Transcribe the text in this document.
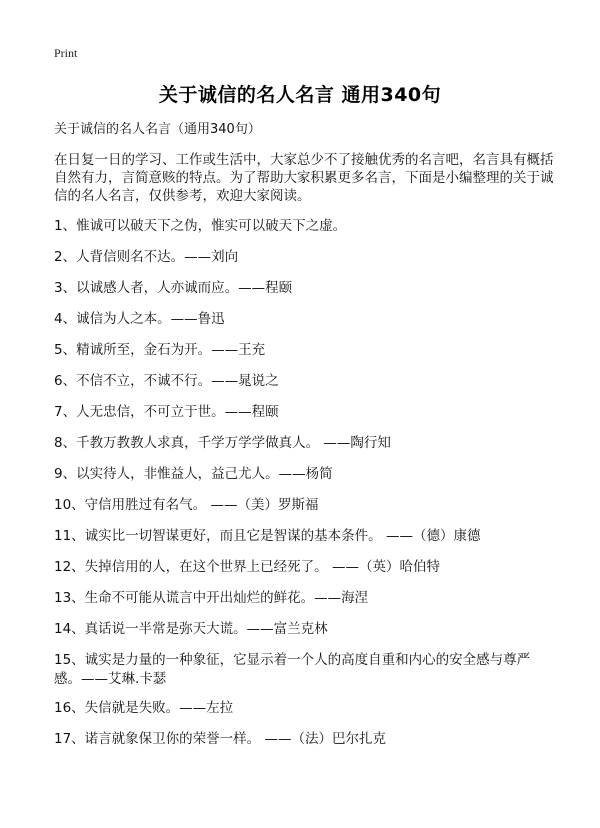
Print
关于诚信的名人名言 通用340句

关于诚信的名人名言（通用340句）

在日复一日的学习、工作或生活中，大家总少不了接触优秀的名言吧，名言具有概括自然有力，言简意赅的特点。为了帮助大家积累更多名言，下面是小编整理的关于诚信的名人名言，仅供参考，欢迎大家阅读。

1、惟诚可以破天下之伪，惟实可以破天下之虚。
2、人背信则名不达。——刘向
3、以诚感人者，人亦诚而应。——程颐
4、诚信为人之本。——鲁迅
5、精诚所至，金石为开。——王充
6、不信不立，不诚不行。——晁说之
7、人无忠信，不可立于世。——程颐
8、千教万教教人求真，千学万学学做真人。 ——陶行知
9、以实待人，非惟益人，益己尤人。——杨简
10、守信用胜过有名气。 ——（美）罗斯福
11、诚实比一切智谋更好，而且它是智谋的基本条件。 ——（德）康德
12、失掉信用的人，在这个世界上已经死了。 ——（英）哈伯特
13、生命不可能从谎言中开出灿烂的鲜花。——海涅
14、真话说一半常是弥天大谎。——富兰克林
15、诚实是力量的一种象征，它显示着一个人的高度自重和内心的安全感与尊严感。——艾琳.卡瑟
16、失信就是失败。——左拉
17、诺言就象保卫你的荣誉一样。 ——（法）巴尔扎克
